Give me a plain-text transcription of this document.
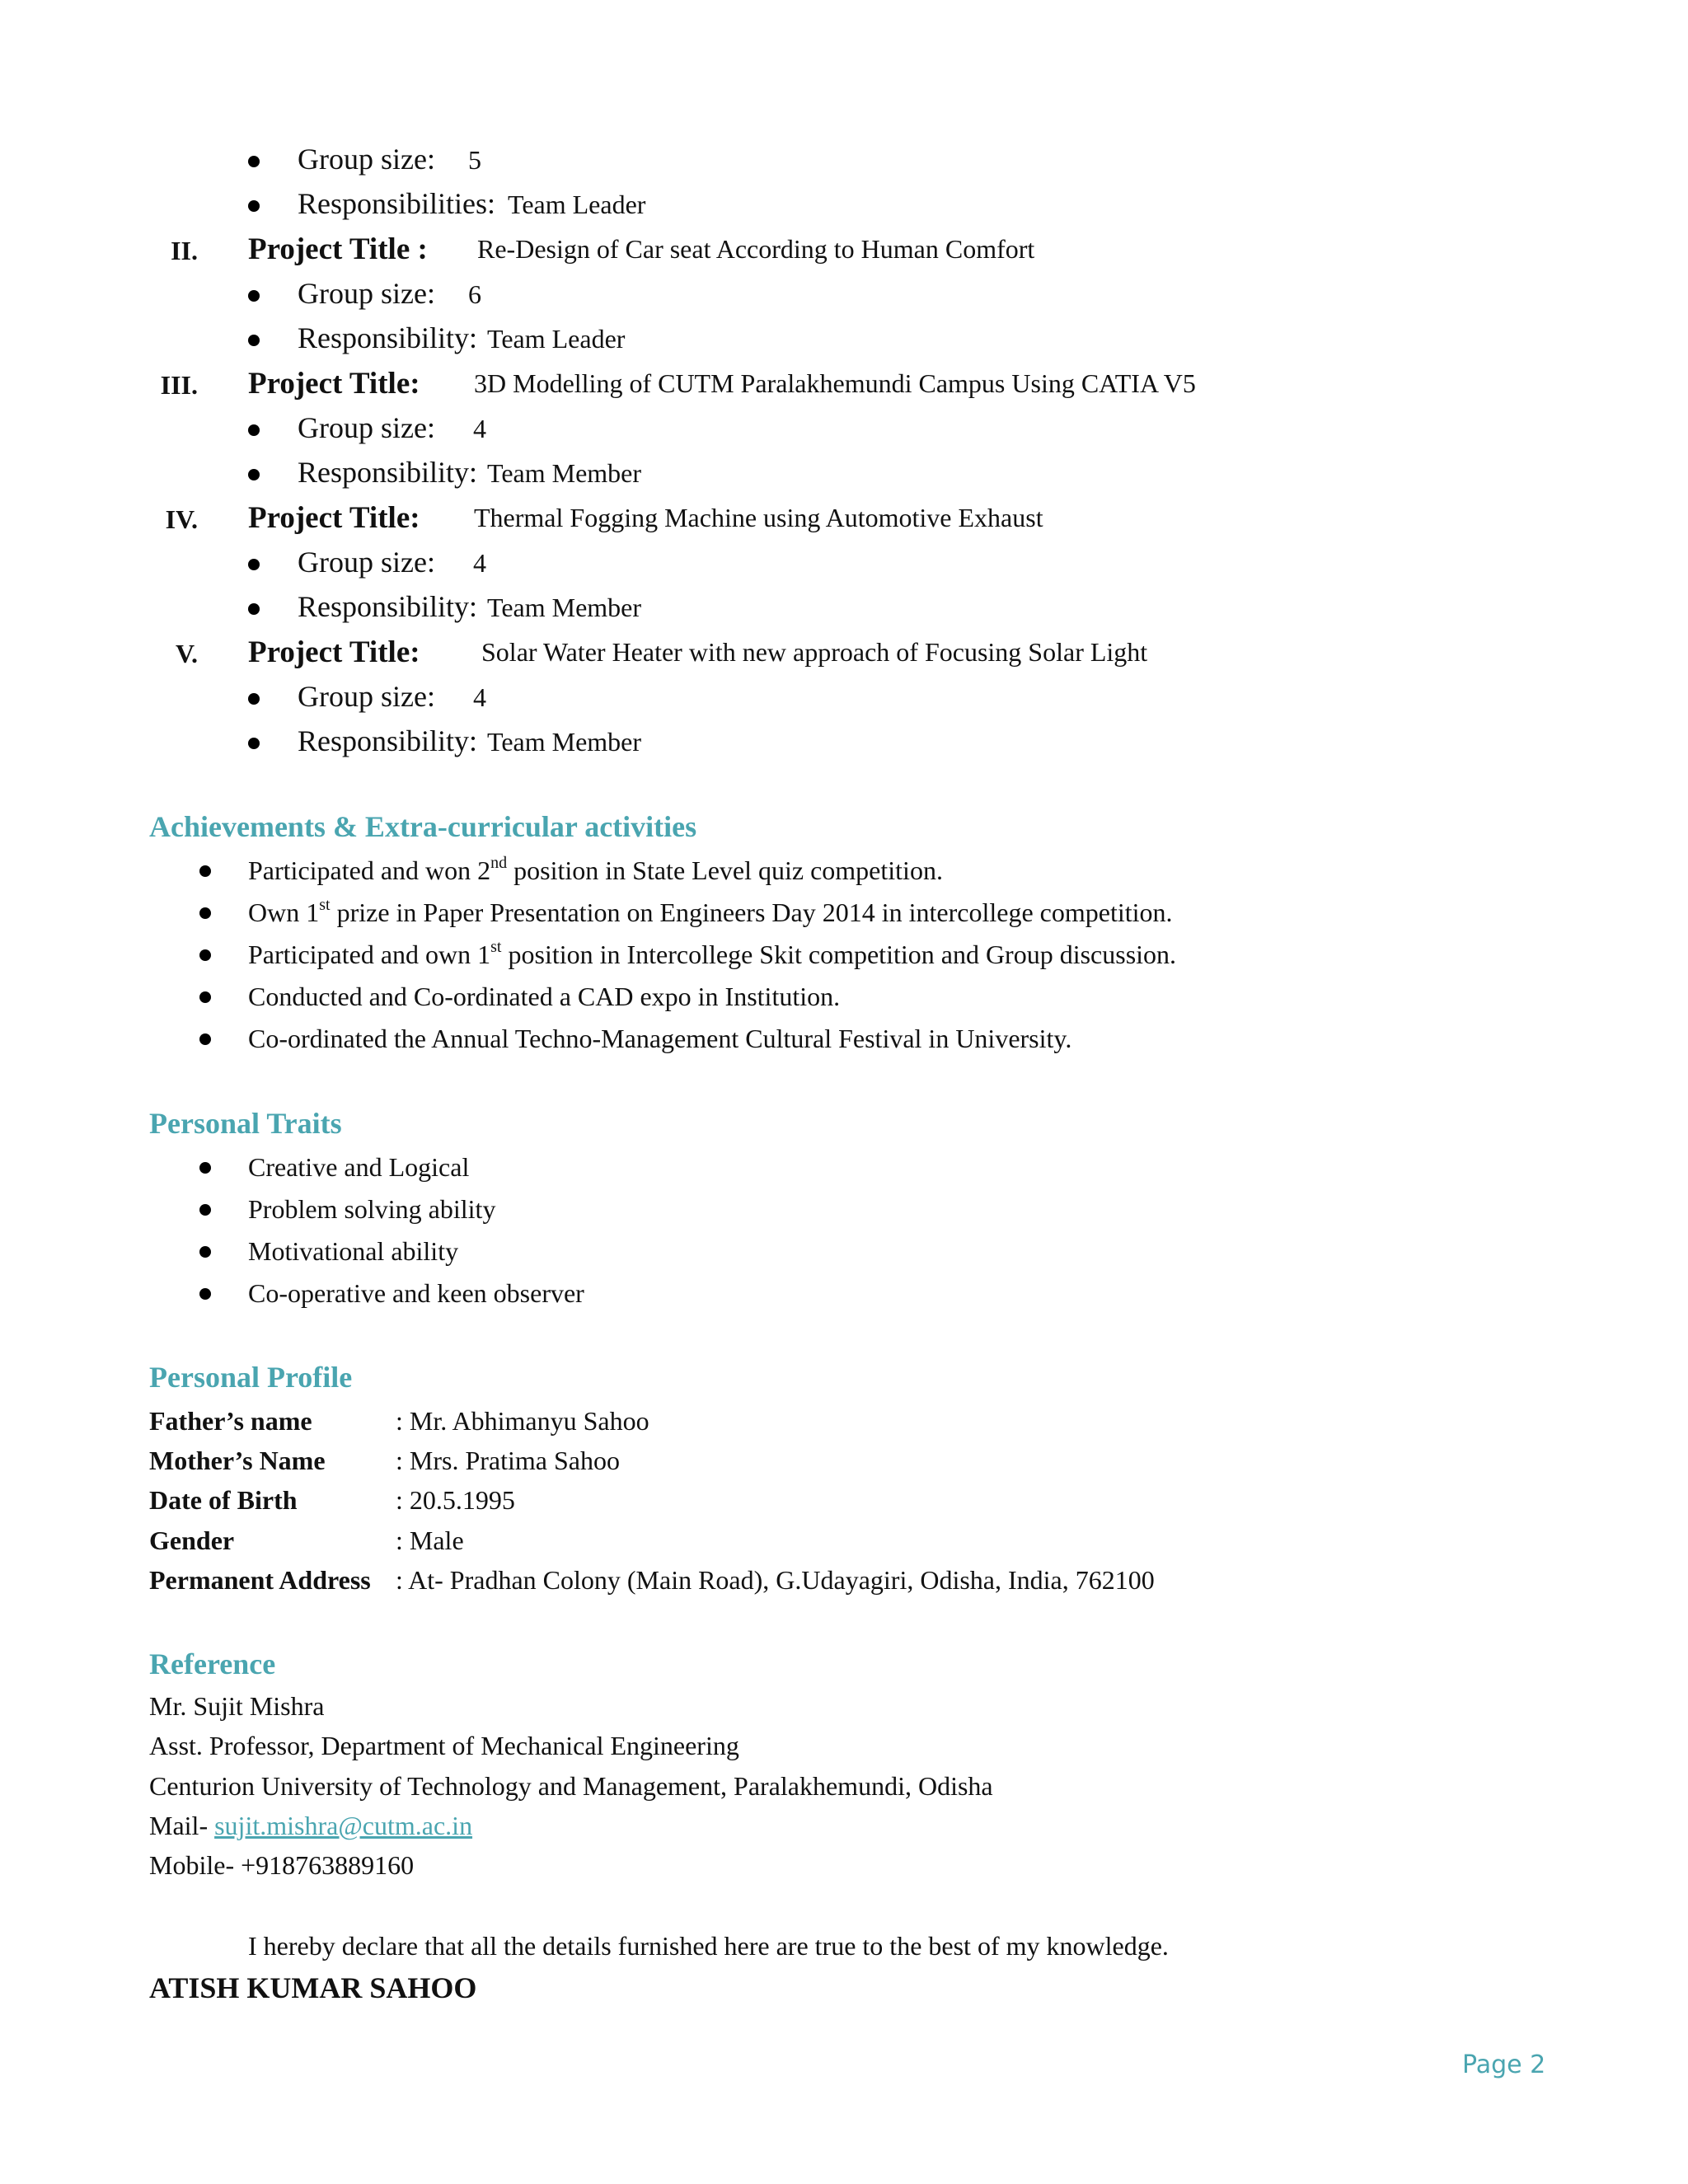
Group size: 5
Responsibilities: Team Leader
II. Project Title : Re-Design of Car seat According to Human Comfort
Group size: 6
Responsibility: Team Leader
III. Project Title: 3D Modelling of CUTM Paralakhemundi Campus Using CATIA V5
Group size: 4
Responsibility: Team Member
IV. Project Title: Thermal Fogging Machine using Automotive Exhaust
Group size: 4
Responsibility: Team Member
V. Project Title: Solar Water Heater with new approach of Focusing Solar Light
Group size: 4
Responsibility: Team Member
Achievements & Extra-curricular activities
Participated and won 2nd position in State Level quiz competition.
Own 1st prize in Paper Presentation on Engineers Day 2014 in intercollege competition.
Participated and own 1st position in Intercollege Skit competition and Group discussion.
Conducted and Co-ordinated a CAD expo in Institution.
Co-ordinated the Annual Techno-Management Cultural Festival in University.
Personal Traits
Creative and Logical
Problem solving ability
Motivational ability
Co-operative and keen observer
Personal Profile
Father’s name	: Mr. Abhimanyu Sahoo
Mother’s Name	: Mrs. Pratima Sahoo
Date of Birth	: 20.5.1995
Gender	: Male
Permanent Address : At- Pradhan Colony (Main Road), G.Udayagiri, Odisha, India, 762100
Reference
Mr. Sujit Mishra
Asst. Professor, Department of Mechanical Engineering
Centurion University of Technology and Management, Paralakhemundi, Odisha
Mail- sujit.mishra@cutm.ac.in
Mobile- +918763889160
I hereby declare that all the details furnished here are true to the best of my knowledge.
ATISH KUMAR SAHOO
Page 2
